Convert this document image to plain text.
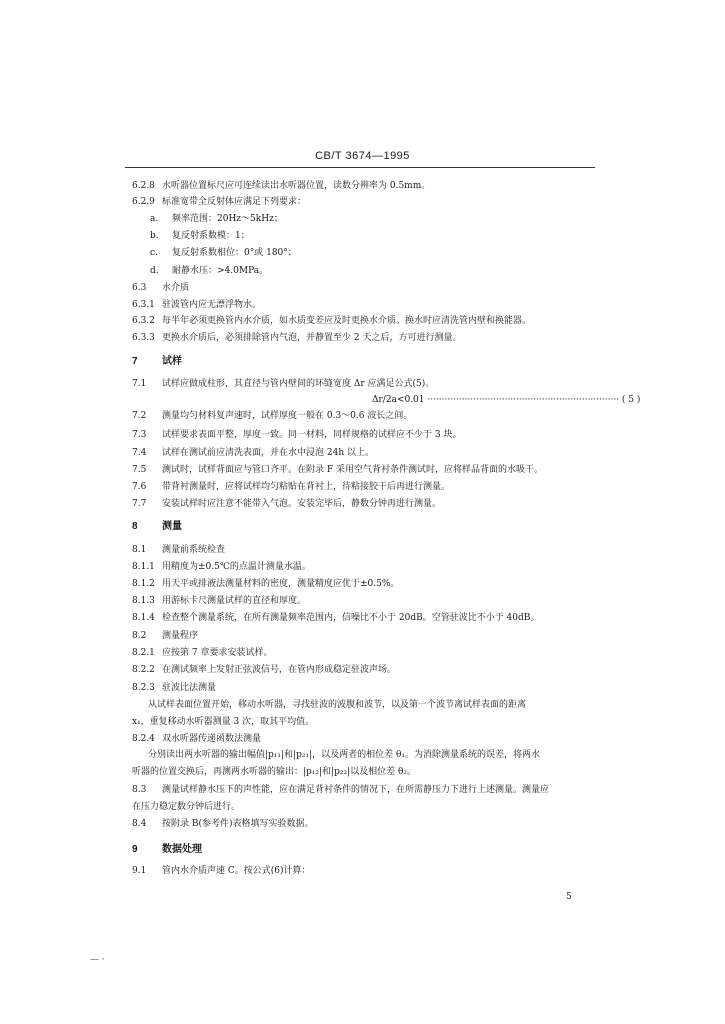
CB/T 3674—1995
6.2.8 水听器位置标尺应可连续读出水听器位置，读数分辨率为 0.5mm。
6.2.9 标准宽带全反射体应满足下列要求：
a. 频率范围：20Hz～5kHz；
b. 复反射系数模：1；
c. 复反射系数相位：0°或 180°；
d. 耐静水压：>4.0MPa。
6.3 水介质
6.3.1 驻波管内应无漂浮物水。
6.3.2 每半年必须更换管内水介质，如水质变差应及时更换水介质。换水时应清洗管内壁和换能器。
6.3.3 更换水介质后，必须排除管内气泡，并静置至少 2 天之后，方可进行测量。
7 试样
7.1 试样应做成柱形，其直径与管内壁间的环缝宽度 Δr 应满足公式(5)。
Δr/2a<0.01 ··································································· ( 5 )
7.2 测量均匀材料复声速时，试样厚度一般在 0.3～0.6 波长之间。
7.3 试样要求表面平整，厚度一致。同一材料，同样规格的试样应不少于 3 块。
7.4 试样在测试前应清洗表面，并在水中浸泡 24h 以上。
7.5 测试时，试样背面应与管口齐平。在附录 F 采用空气背衬条件测试时，应将样品背面的水吸干。
7.6 带背衬测量时，应将试样均匀粘贴在背衬上，待粘接胶干后再进行测量。
7.7 安装试样时应注意不能带入气泡。安装完毕后，静数分钟再进行测量。
8 测量
8.1 测量前系统检查
8.1.1 用精度为±0.5℃的点温计测量水温。
8.1.2 用天平或排液法测量材料的密度，测量精度应优于±0.5%。
8.1.3 用游标卡尺测量试样的直径和厚度。
8.1.4 检查整个测量系统，在所有测量频率范围内，信噪比不小于 20dB。空管驻波比不小于 40dB。
8.2 测量程序
8.2.1 应按第 7 章要求安装试样。
8.2.2 在测试频率上发射正弦波信号，在管内形成稳定驻波声场。
8.2.3 驻波比法测量
从试样表面位置开始，移动水听器，寻找驻波的波腹和波节，以及第一个波节离试样表面的距离
x₁，重复移动水听器测量 3 次，取其平均值。
8.2.4 双水听器传递函数法测量
分别读出两水听器的输出幅值|p₁₁|和|p₂₁|，以及两者的相位差 θ₁。为消除测量系统的误差，将两水
听器的位置交换后，再测两水听器的输出：|p₁₂|和|p₂₂|以及相位差 θ₂。
8.3 测量试样静水压下的声性能，应在满足背衬条件的情况下，在所需静压力下进行上述测量。测量应
在压力稳定数分钟后进行。
8.4 按附录 B(参考件)表格填写实验数据。
9 数据处理
9.1 管内水介质声速 C。按公式(6)计算：
5
— ·
